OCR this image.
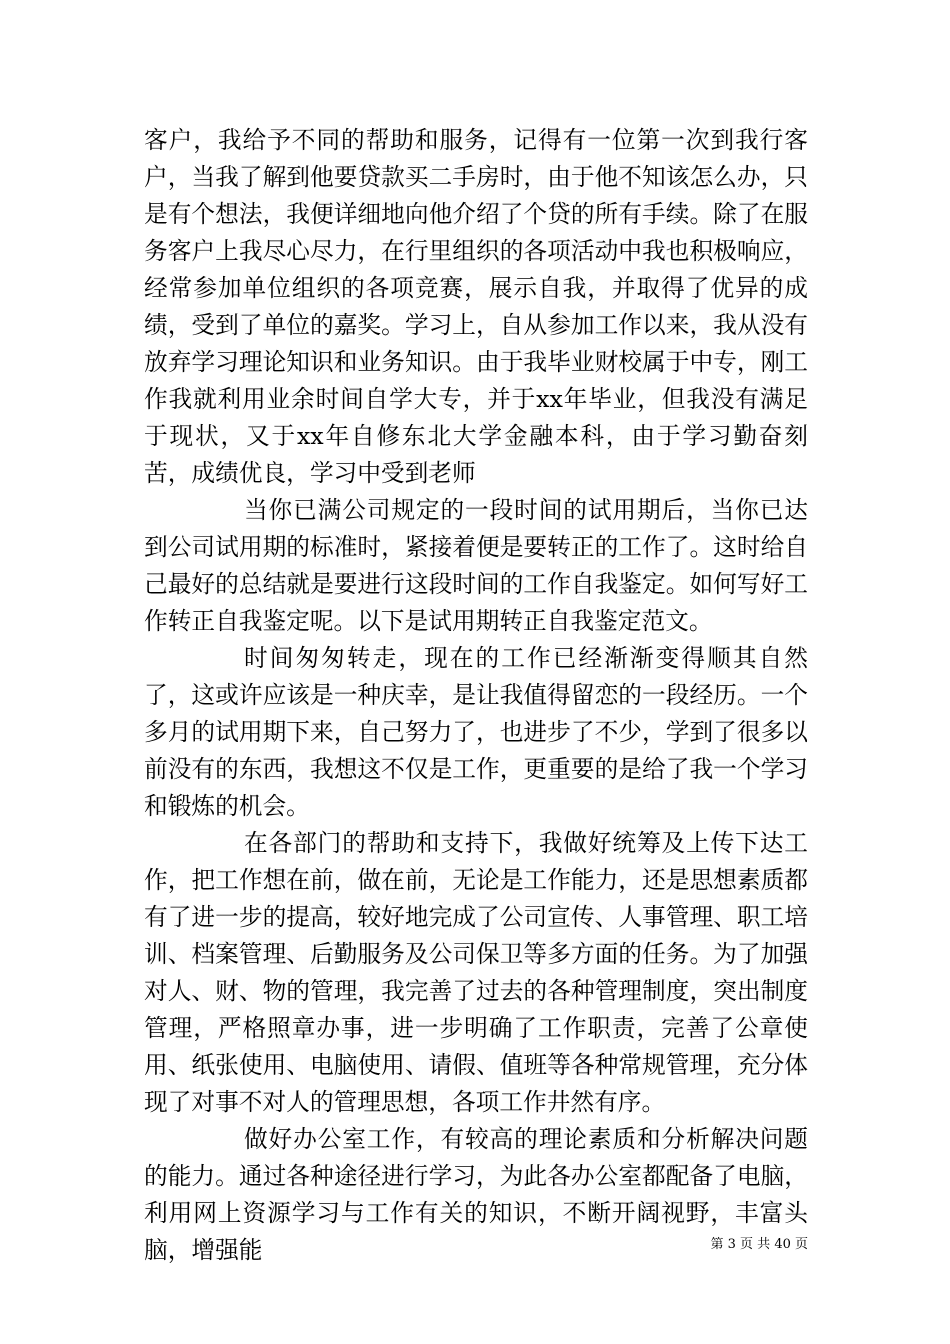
客户，我给予不同的帮助和服务，记得有一位第一次到我行客户，当我了解到他要贷款买二手房时，由于他不知该怎么办，只是有个想法，我便详细地向他介绍了个贷的所有手续。除了在服务客户上我尽心尽力，在行里组织的各项活动中我也积极响应，经常参加单位组织的各项竞赛，展示自我，并取得了优异的成绩，受到了单位的嘉奖。学习上，自从参加工作以来，我从没有放弃学习理论知识和业务知识。由于我毕业财校属于中专，刚工作我就利用业余时间自学大专，并于xx年毕业，但我没有满足于现状，又于xx年自修东北大学金融本科，由于学习勤奋刻苦，成绩优良，学习中受到老师

当你已满公司规定的一段时间的试用期后，当你已达到公司试用期的标准时，紧接着便是要转正的工作了。这时给自己最好的总结就是要进行这段时间的工作自我鉴定。如何写好工作转正自我鉴定呢。以下是试用期转正自我鉴定范文。

时间匆匆转走，现在的工作已经渐渐变得顺其自然了，这或许应该是一种庆幸，是让我值得留恋的一段经历。一个多月的试用期下来，自己努力了，也进步了不少，学到了很多以前没有的东西，我想这不仅是工作，更重要的是给了我一个学习和锻炼的机会。

在各部门的帮助和支持下，我做好统筹及上传下达工作，把工作想在前，做在前，无论是工作能力，还是思想素质都有了进一步的提高，较好地完成了公司宣传、人事管理、职工培训、档案管理、后勤服务及公司保卫等多方面的任务。为了加强对人、财、物的管理，我完善了过去的各种管理制度，突出制度管理，严格照章办事，进一步明确了工作职责，完善了公章使用、纸张使用、电脑使用、请假、值班等各种常规管理，充分体现了对事不对人的管理思想，各项工作井然有序。

做好办公室工作，有较高的理论素质和分析解决问题的能力。通过各种途径进行学习，为此各办公室都配备了电脑，利用网上资源学习与工作有关的知识，不断开阔视野，丰富头脑，增强能	第 3 页 共 40 页
